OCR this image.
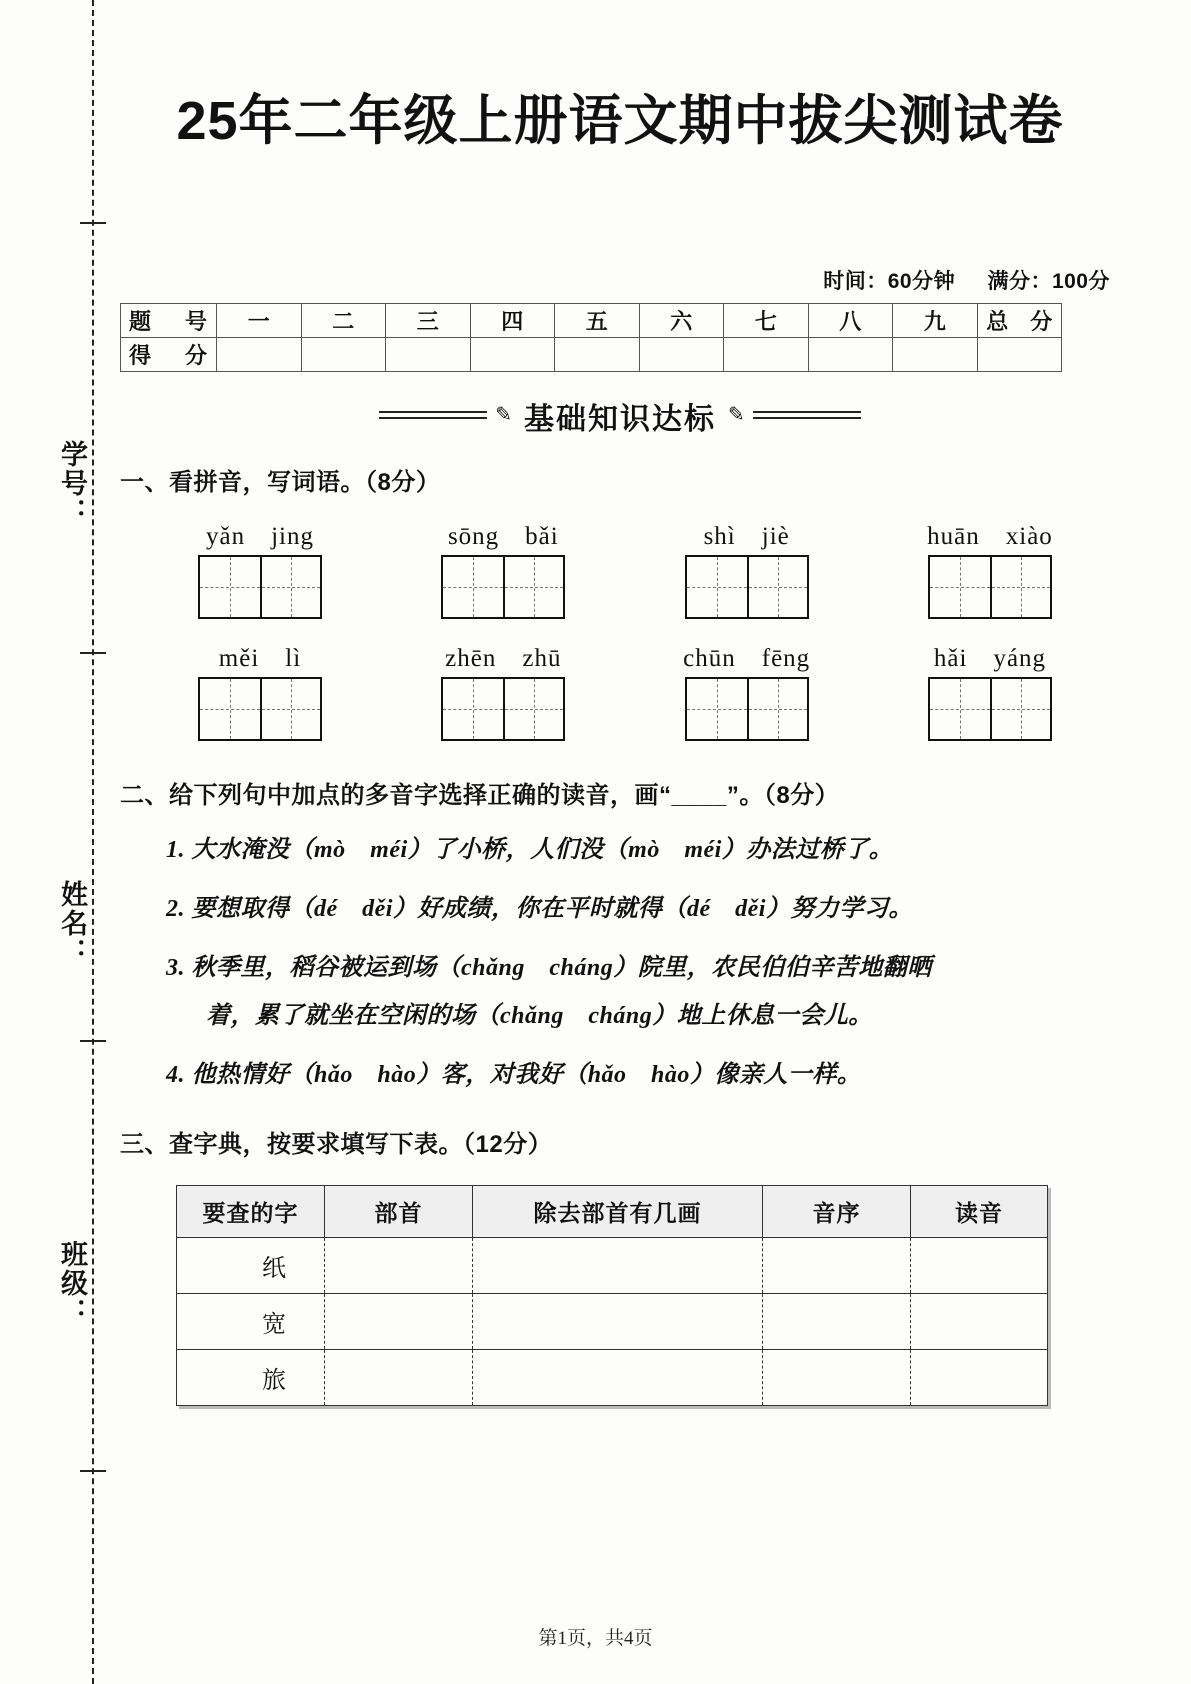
学号：
姓名：
班级：
25年二年级上册语文期中拔尖测试卷
时间：60分钟 满分：100分
题　号	一	二	三	四	五	六	七	八	九	总　分
得　分										
✎ 基础知识达标 ✎
一、看拼音，写词语。（8分）
yǎn jing	sōng bǎi	shì jiè	huān xiào
měi lì	zhēn zhū	chūn fēng	hǎi yáng
二、给下列句中加点的多音字选择正确的读音，画“____”。（8分）
1. 大水淹没（mò　méi）了小桥，人们没（mò　méi）办法过桥了。
2. 要想取得（dé　děi）好成绩，你在平时就得（dé　děi）努力学习。
3. 秋季里，稻谷被运到场（chǎng　cháng）院里，农民伯伯辛苦地翻晒
着，累了就坐在空闲的场（chǎng　cháng）地上休息一会儿。
4. 他热情好（hǎo　hào）客，对我好（hǎo　hào）像亲人一样。
三、查字典，按要求填写下表。（12分）
要查的字	部首	除去部首有几画	音序	读音
纸				
宽				
旅				
第1页，共4页
